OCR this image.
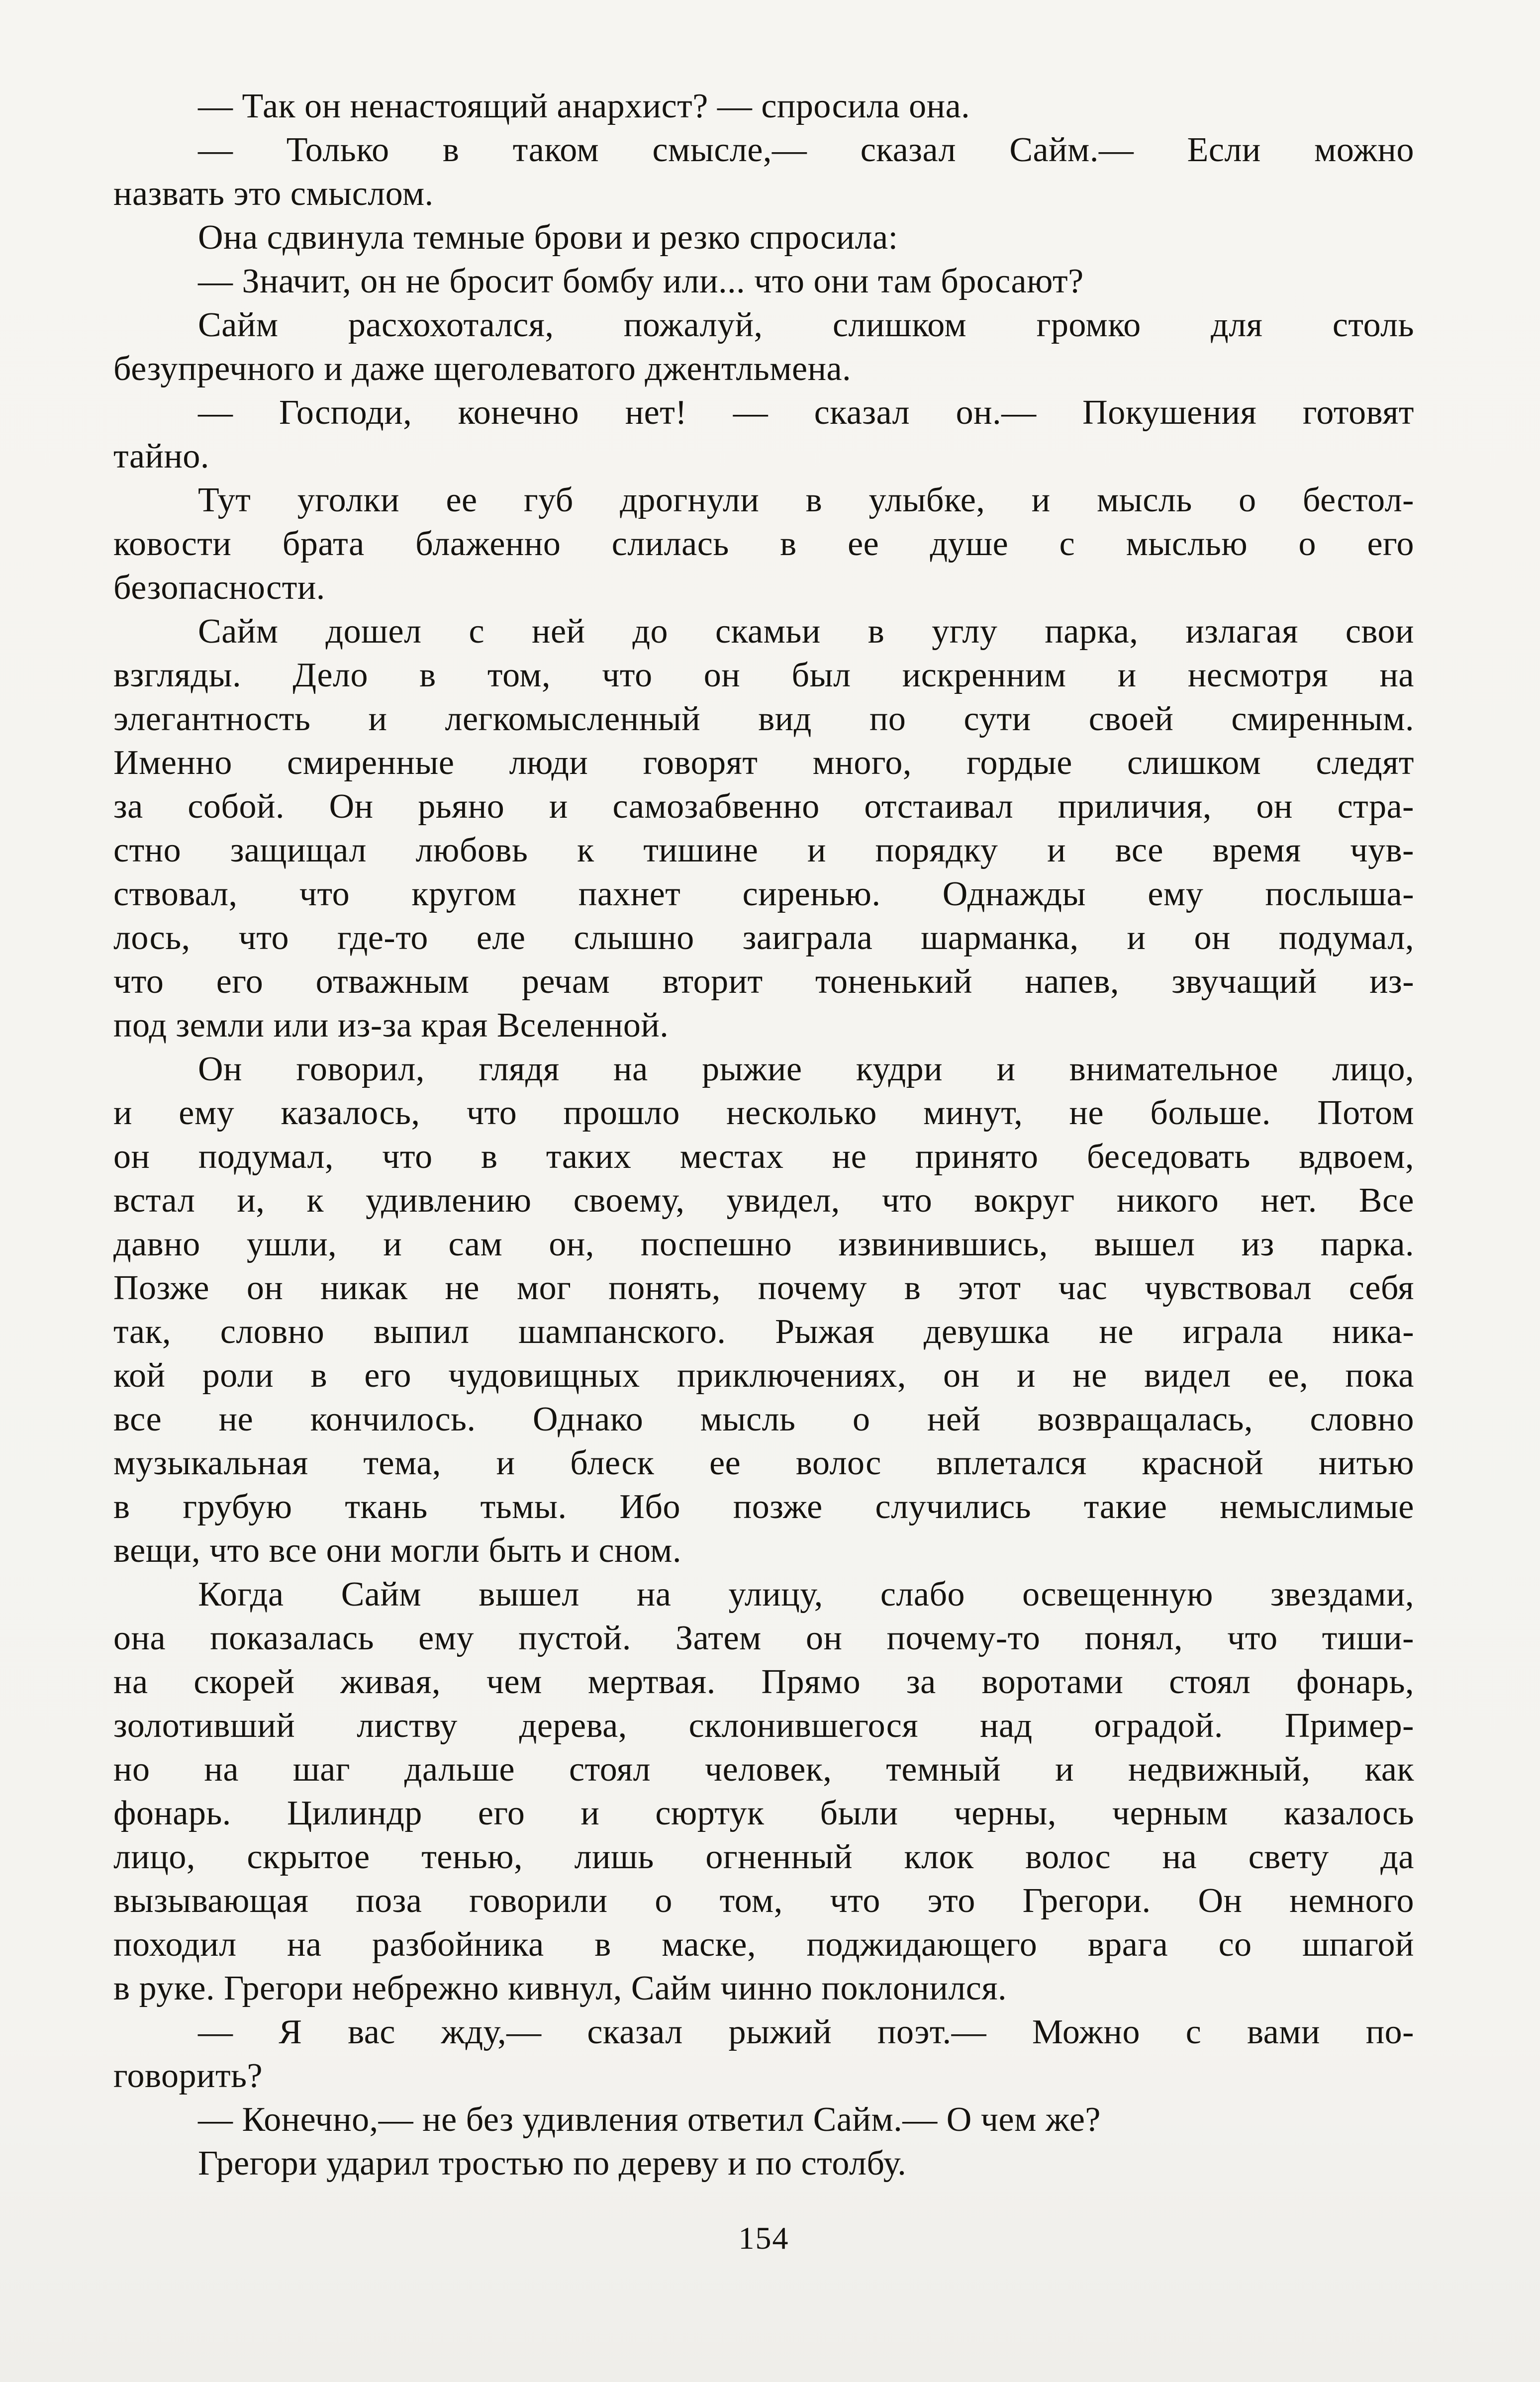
— Так он ненастоящий анархист? — спросила она.
— Только в таком смысле,— сказал Сайм.— Если можно
назвать это смыслом.
Она сдвинула темные брови и резко спросила:
— Значит, он не бросит бомбу или... что они там бросают?
Сайм расхохотался, пожалуй, слишком громко для столь
безупречного и даже щеголеватого джентльмена.
— Господи, конечно нет! — сказал он.— Покушения готовят
тайно.
Тут уголки ее губ дрогнули в улыбке, и мысль о бестол-
ковости брата блаженно слилась в ее душе с мыслью о его
безопасности.
Сайм дошел с ней до скамьи в углу парка, излагая свои
взгляды. Дело в том, что он был искренним и несмотря на
элегантность и легкомысленный вид по сути своей смиренным.
Именно смиренные люди говорят много, гордые слишком следят
за собой. Он рьяно и самозабвенно отстаивал приличия, он стра-
стно защищал любовь к тишине и порядку и все время чув-
ствовал, что кругом пахнет сиренью. Однажды ему послыша-
лось, что где-то еле слышно заиграла шарманка, и он подумал,
что его отважным речам вторит тоненький напев, звучащий из-
под земли или из-за края Вселенной.
Он говорил, глядя на рыжие кудри и внимательное лицо,
и ему казалось, что прошло несколько минут, не больше. Потом
он подумал, что в таких местах не принято беседовать вдвоем,
встал и, к удивлению своему, увидел, что вокруг никого нет. Все
давно ушли, и сам он, поспешно извинившись, вышел из парка.
Позже он никак не мог понять, почему в этот час чувствовал себя
так, словно выпил шампанского. Рыжая девушка не играла ника-
кой роли в его чудовищных приключениях, он и не видел ее, пока
все не кончилось. Однако мысль о ней возвращалась, словно
музыкальная тема, и блеск ее волос вплетался красной нитью
в грубую ткань тьмы. Ибо позже случились такие немыслимые
вещи, что все они могли быть и сном.
Когда Сайм вышел на улицу, слабо освещенную звездами,
она показалась ему пустой. Затем он почему-то понял, что тиши-
на скорей живая, чем мертвая. Прямо за воротами стоял фонарь,
золотивший листву дерева, склонившегося над оградой. Пример-
но на шаг дальше стоял человек, темный и недвижный, как
фонарь. Цилиндр его и сюртук были черны, черным казалось
лицо, скрытое тенью, лишь огненный клок волос на свету да
вызывающая поза говорили о том, что это Грегори. Он немного
походил на разбойника в маске, поджидающего врага со шпагой
в руке. Грегори небрежно кивнул, Сайм чинно поклонился.
— Я вас жду,— сказал рыжий поэт.— Можно с вами по-
говорить?
— Конечно,— не без удивления ответил Сайм.— О чем же?
Грегори ударил тростью по дереву и по столбу.
154
